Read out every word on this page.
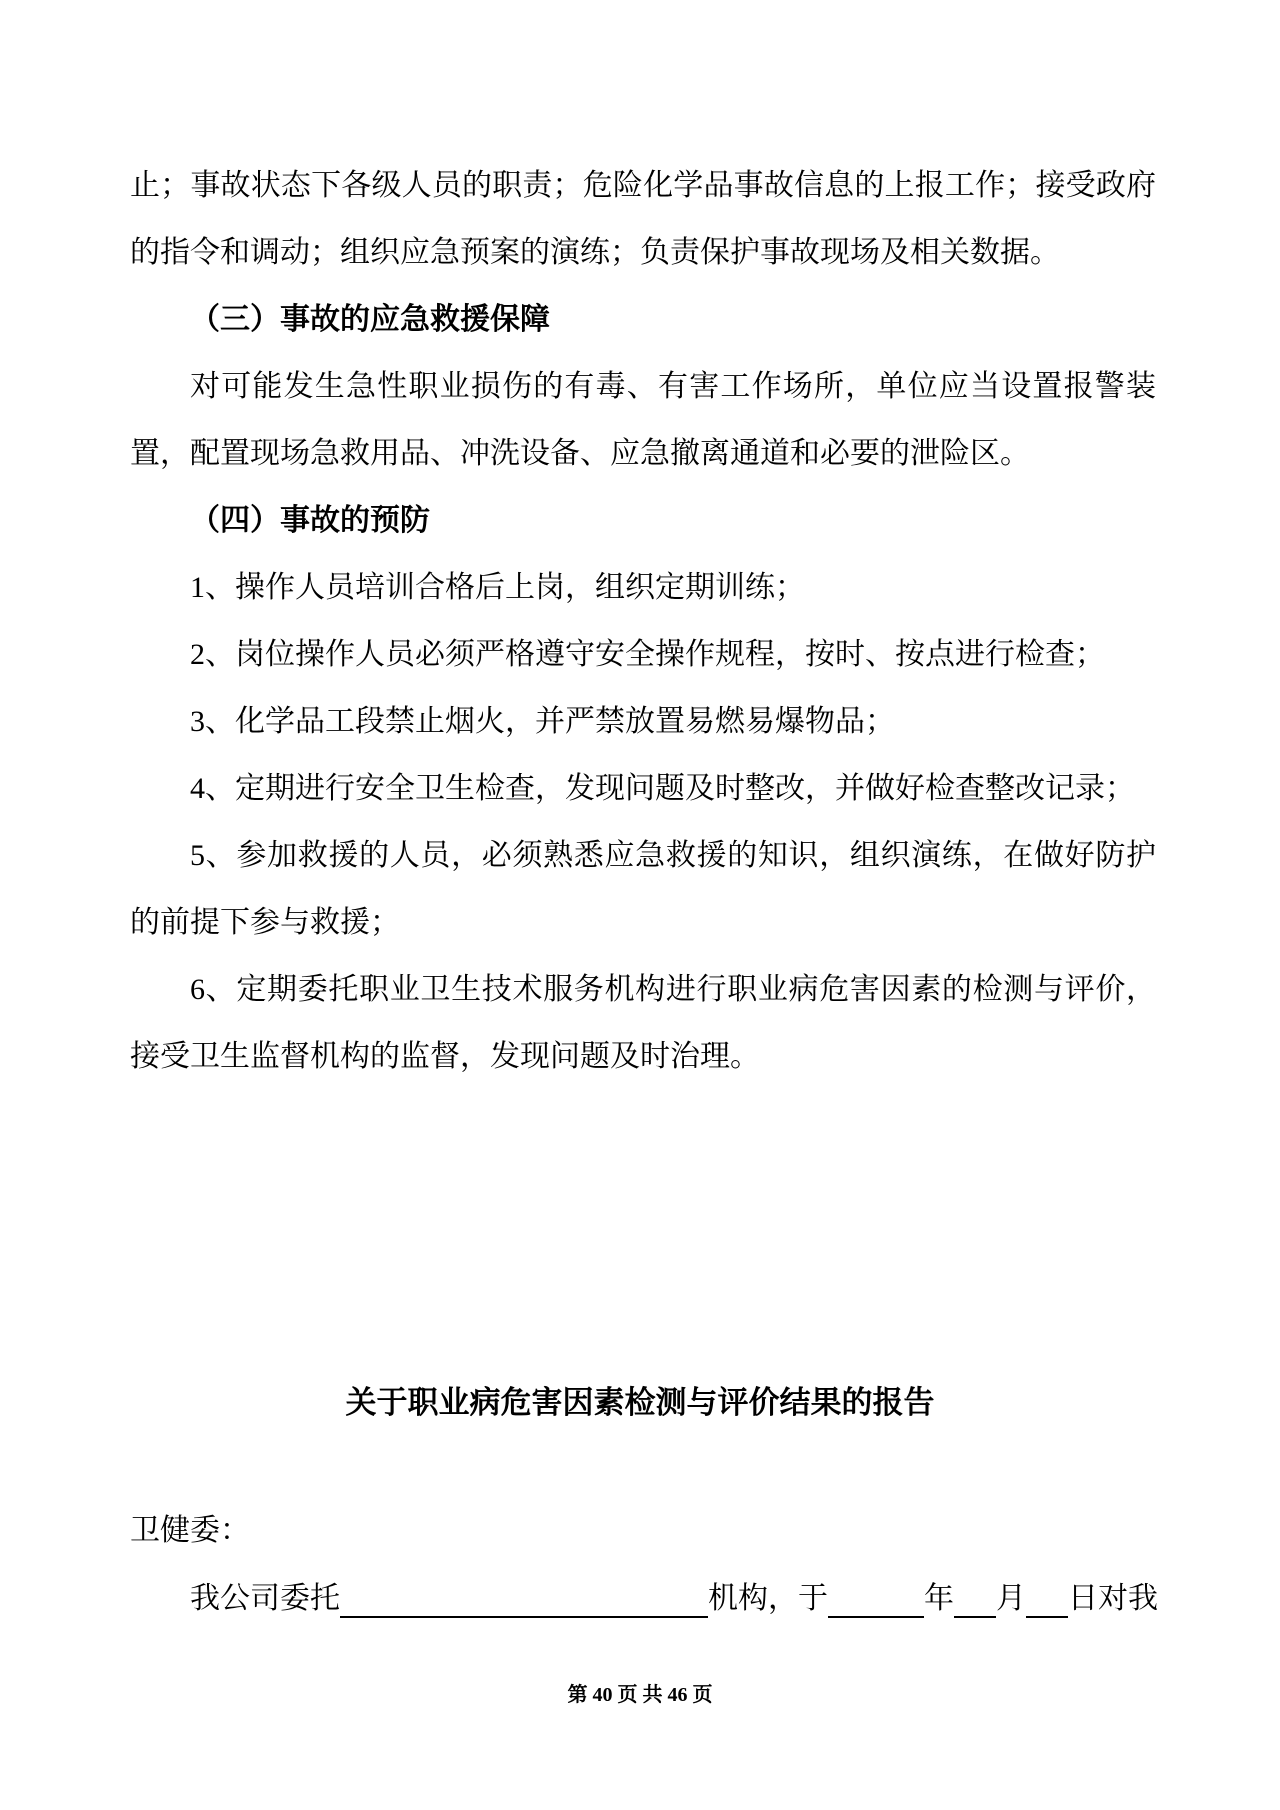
止；事故状态下各级人员的职责；危险化学品事故信息的上报工作；接受政府的指令和调动；组织应急预案的演练；负责保护事故现场及相关数据。

（三）事故的应急救援保障

对可能发生急性职业损伤的有毒、有害工作场所，单位应当设置报警装置，配置现场急救用品、冲洗设备、应急撤离通道和必要的泄险区。

（四）事故的预防

1、操作人员培训合格后上岗，组织定期训练；

2、岗位操作人员必须严格遵守安全操作规程，按时、按点进行检查；

3、化学品工段禁止烟火，并严禁放置易燃易爆物品；

4、定期进行安全卫生检查，发现问题及时整改，并做好检查整改记录；

5、参加救援的人员，必须熟悉应急救援的知识，组织演练，在做好防护的前提下参与救援；

6、定期委托职业卫生技术服务机构进行职业病危害因素的检测与评价，接受卫生监督机构的监督，发现问题及时治理。

关于职业病危害因素检测与评价结果的报告
卫健委：
我公司委托	机构，于	年 月 日对我
第 40 页 共 46 页
